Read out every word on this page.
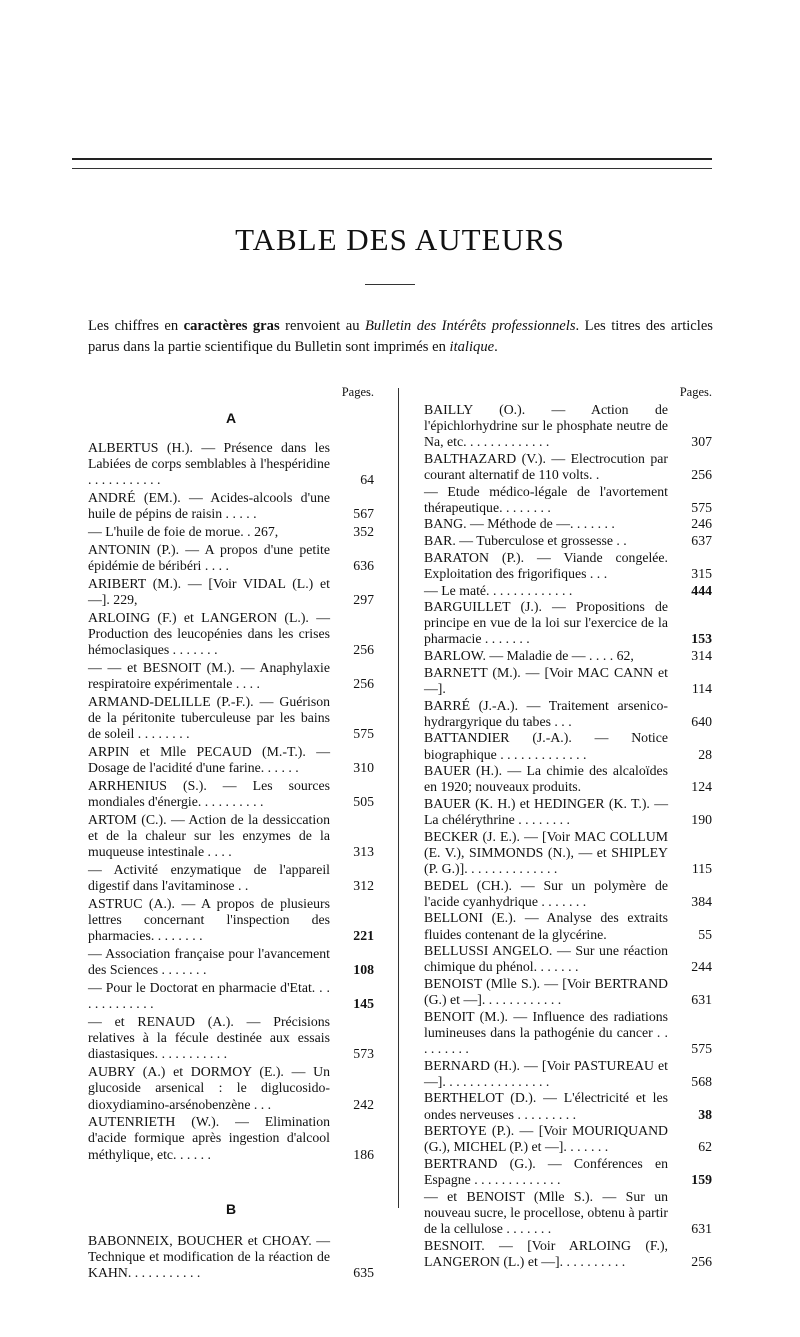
TABLE DES AUTEURS
Les chiffres en caractères gras renvoient au Bulletin des Intérêts professionnels. Les titres des articles parus dans la partie scientifique du Bulletin sont imprimés en italique.
Pages.
A
ALBERTUS (H.). — Présence dans les Labiées de corps semblables à l'hespéridine . . . . . . . . . . .	64
ANDRÉ (EM.). — Acides-alcools d'une huile de pépins de raisin . . . . .	567
— L'huile de foie de morue. . 267,	352
ANTONIN (P.). — A propos d'une petite épidémie de béribéri . . . .	636
ARIBERT (M.). — [Voir VIDAL (L.) et —]. 229,	297
ARLOING (F.) et LANGERON (L.). — Production des leucopénies dans les crises hémoclasiques . . . . . . .	256
— — et BESNOIT (M.). — Anaphylaxie respiratoire expérimentale . . . .	256
ARMAND-DELILLE (P.-F.). — Guérison de la péritonite tuberculeuse par les bains de soleil . . . . . . . .	575
ARPIN et Mlle PECAUD (M.-T.). — Dosage de l'acidité d'une farine. . . . . .	310
ARRHENIUS (S.). — Les sources mondiales d'énergie. . . . . . . . . .	505
ARTOM (C.). — Action de la dessiccation et de la chaleur sur les enzymes de la muqueuse intestinale . . . .	313
— Activité enzymatique de l'appareil digestif dans l'avitaminose . .	312
ASTRUC (A.). — A propos de plusieurs lettres concernant l'inspection des pharmacies. . . . . . . .	221
— Association française pour l'avancement des Sciences . . . . . . .	108
— Pour le Doctorat en pharmacie d'Etat. . . . . . . . . . . . .	145
— et RENAUD (A.). — Précisions relatives à la fécule destinée aux essais diastasiques. . . . . . . . . . .	573
AUBRY (A.) et DORMOY (E.). — Un glucoside arsenical : le diglucosido-dioxydiamino-arsénobenzène . . .	242
AUTENRIETH (W.). — Elimination d'acide formique après ingestion d'alcool méthylique, etc. . . . . .	186
B
BABONNEIX, BOUCHER et CHOAY. — Technique et modification de la réaction de KAHN. . . . . . . . . . .	635
Pages.
BAILLY (O.). — Action de l'épichlorhydrine sur le phosphate neutre de Na, etc. . . . . . . . . . . . .	307
BALTHAZARD (V.). — Electrocution par courant alternatif de 110 volts. .	256
— Etude médico-légale de l'avortement thérapeutique. . . . . . . .	575
BANG. — Méthode de —. . . . . . .	246
BAR. — Tuberculose et grossesse . .	637
BARATON (P.). — Viande congelée. Exploitation des frigorifiques . . .	315
— Le maté. . . . . . . . . . . . .	444
BARGUILLET (J.). — Propositions de principe en vue de la loi sur l'exercice de la pharmacie . . . . . . .	153
BARLOW. — Maladie de — . . . . 62,	314
BARNETT (M.). — [Voir MAC CANN et —].	114
BARRÉ (J.-A.). — Traitement arsenico-hydrargyrique du tabes . . .	640
BATTANDIER (J.-A.). — Notice biographique . . . . . . . . . . . . .	28
BAUER (H.). — La chimie des alcaloïdes en 1920; nouveaux produits.	124
BAUER (K. H.) et HEDINGER (K. T.). — La chélérythrine . . . . . . . .	190
BECKER (J. E.). — [Voir MAC COLLUM (E. V.), SIMMONDS (N.), — et SHIPLEY (P. G.)]. . . . . . . . . . . . . .	115
BEDEL (CH.). — Sur un polymère de l'acide cyanhydrique . . . . . . .	384
BELLONI (E.). — Analyse des extraits fluides contenant de la glycérine.	55
BELLUSSI ANGELO. — Sur une réaction chimique du phénol. . . . . . .	244
BENOIST (Mlle S.). — [Voir BERTRAND (G.) et —]. . . . . . . . . . . .	631
BENOIT (M.). — Influence des radiations lumineuses dans la pathogénie du cancer . . . . . . . . .	575
BERNARD (H.). — [Voir PASTUREAU et —]. . . . . . . . . . . . . . . .	568
BERTHELOT (D.). — L'électricité et les ondes nerveuses . . . . . . . . .	38
BERTOYE (P.). — [Voir MOURIQUAND (G.), MICHEL (P.) et —]. . . . . . .	62
BERTRAND (G.). — Conférences en Espagne . . . . . . . . . . . . .	159
— et BENOIST (Mlle S.). — Sur un nouveau sucre, le procellose, obtenu à partir de la cellulose . . . . . . .	631
BESNOIT. — [Voir ARLOING (F.), LANGERON (L.) et —]. . . . . . . . . .	256
